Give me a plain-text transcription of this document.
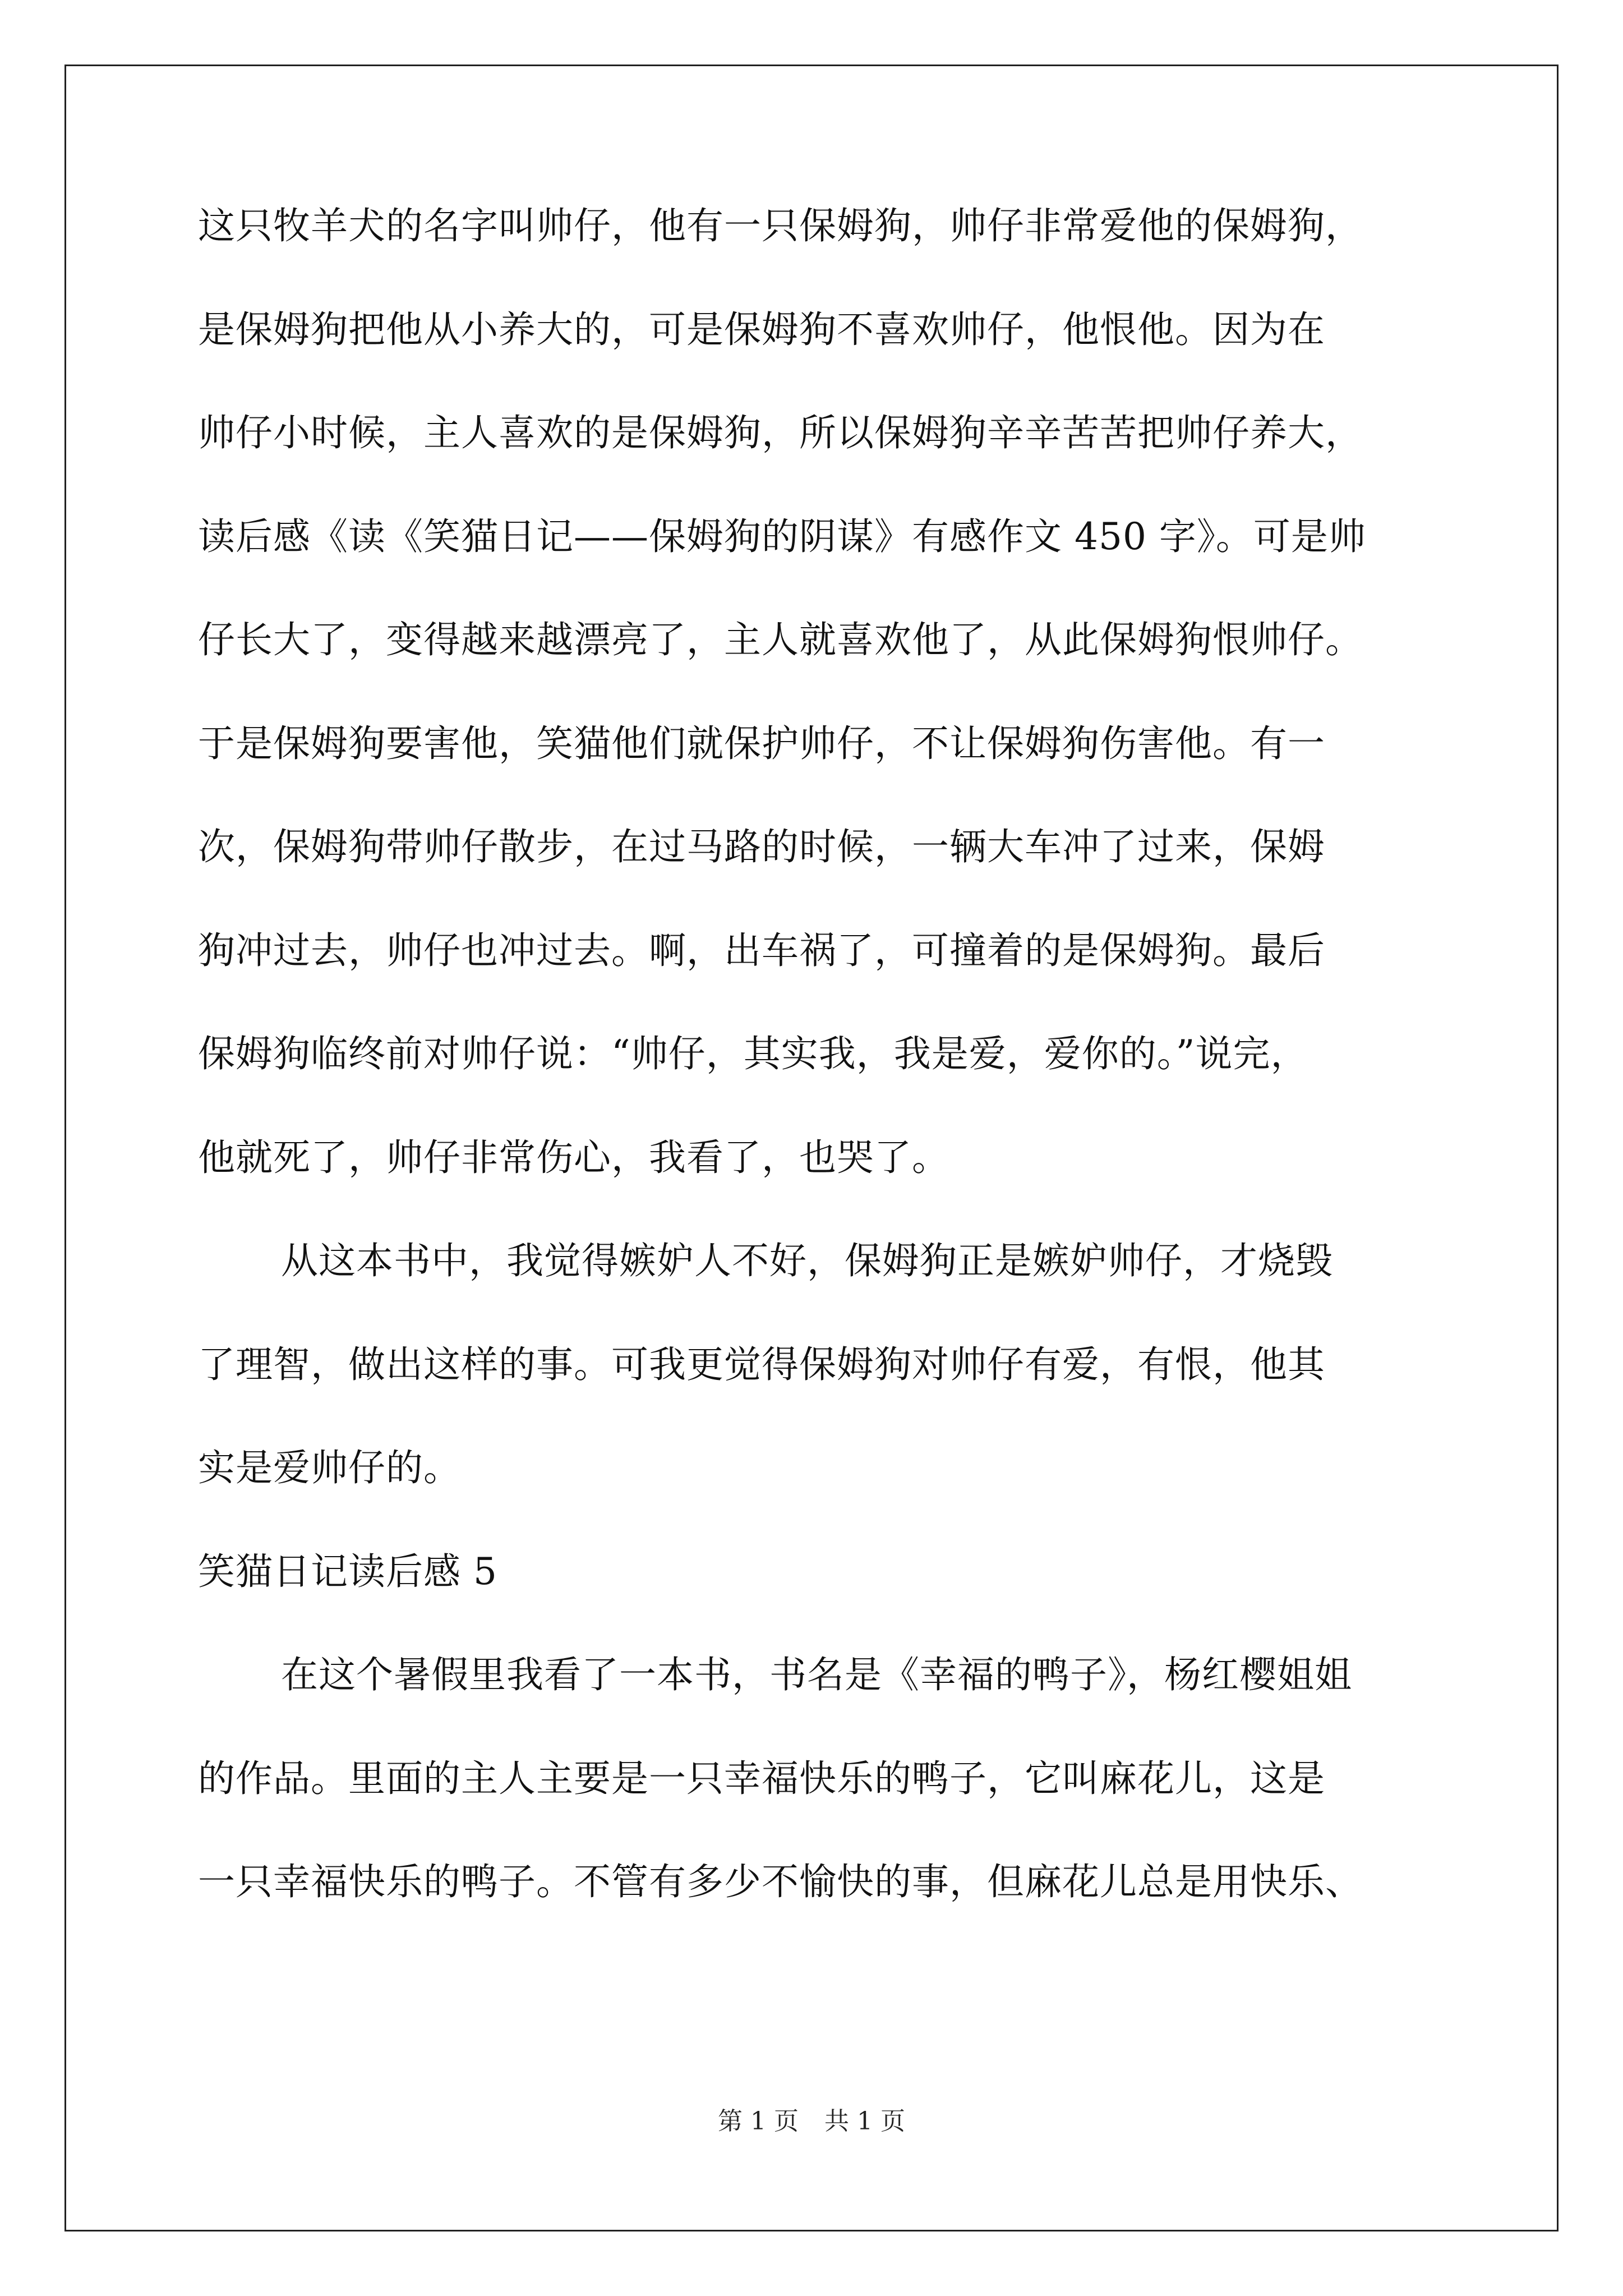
这只牧羊犬的名字叫帅仔，他有一只保姆狗，帅仔非常爱他的保姆狗，
是保姆狗把他从小养大的，可是保姆狗不喜欢帅仔，他恨他。因为在
帅仔小时候，主人喜欢的是保姆狗，所以保姆狗辛辛苦苦把帅仔养大，
读后感《读《笑猫日记——保姆狗的阴谋》有感作文 450 字》。可是帅
仔长大了，变得越来越漂亮了，主人就喜欢他了，从此保姆狗恨帅仔。
于是保姆狗要害他，笑猫他们就保护帅仔，不让保姆狗伤害他。有一
次，保姆狗带帅仔散步，在过马路的时候，一辆大车冲了过来，保姆
狗冲过去，帅仔也冲过去。啊，出车祸了，可撞着的是保姆狗。最后
保姆狗临终前对帅仔说：“帅仔，其实我，我是爱，爱你的。”说完，
他就死了，帅仔非常伤心，我看了，也哭了。
从这本书中，我觉得嫉妒人不好，保姆狗正是嫉妒帅仔，才烧毁
了理智，做出这样的事。可我更觉得保姆狗对帅仔有爱，有恨，他其
实是爱帅仔的。
笑猫日记读后感 5
在这个暑假里我看了一本书，书名是《幸福的鸭子》，杨红樱姐姐
的作品。里面的主人主要是一只幸福快乐的鸭子，它叫麻花儿，这是
一只幸福快乐的鸭子。不管有多少不愉快的事，但麻花儿总是用快乐、
第 1 页 共 1 页
